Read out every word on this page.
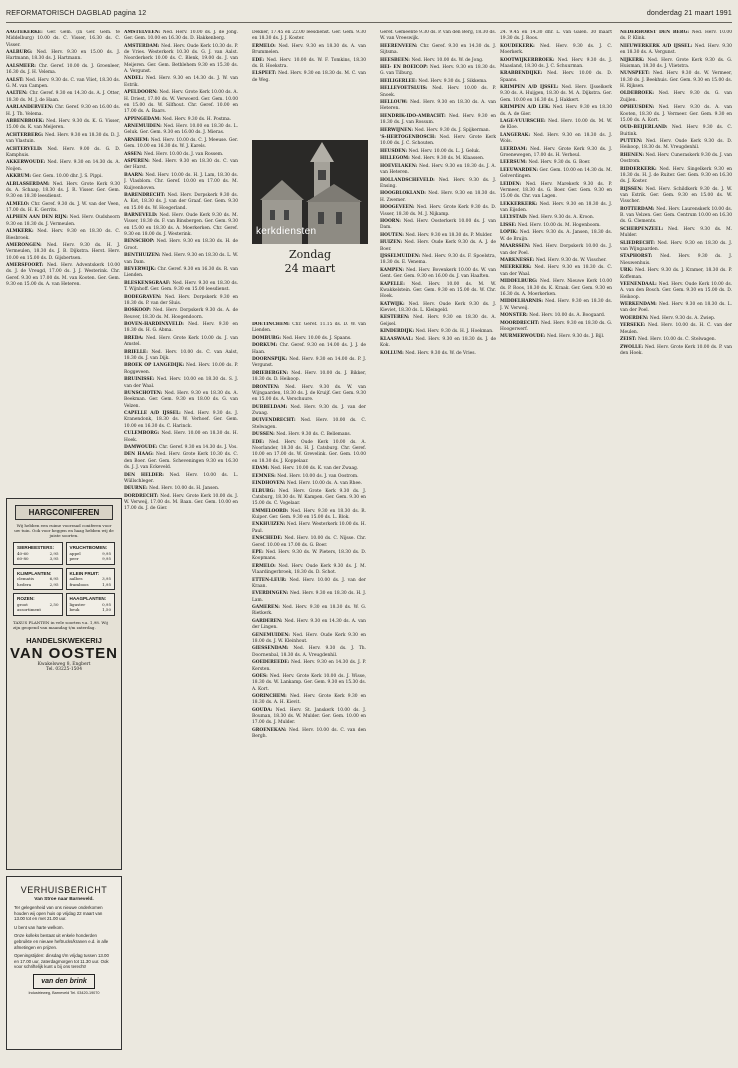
REFORMATORISCH DAGBLAD pagina 12	donderdag 21 maart 1991
AAGTEKERKE: Ger. Gem. (in Ger. Gem. te Middelburg) 10.00 ds. C. Visser, 16.30 ds. C. Visser.
AALBURG: Ned. Herv. 9.30 en 15.00 ds. J. Hartmann, 18.30 ds. J. Hartmann.
AALSMEER: Chr. Geref. 10.00 ds. J. Groenleer, 16.30 ds. J. H. Velema.
AALST: Ned. Herv. 9.30 ds. C. van Vliet, 18.30 ds. G. M. van Campen.
AALTEN: Chr. Geref. 9.30 en 14.30 ds. A. J. Otter, 18.30 ds. M. J. de Haan.
AARLANDERVEEN: Chr. Geref. 9.30 en 16.00 ds. H. J. Th. Velema.
ABBENBROEK: Ned. Herv. 9.30 ds. K. G. Visser, 15.00 ds. K. van Meijeren.
ACHTERBERG: Ned. Herv. 9.30 en 18.30 ds. D. J. van Vlastuin.
ACHTERVELD: Ned. Herv. 9.00 ds. G. D. Kamphuis.
AKKERWOUDE: Ned. Herv. 9.30 en 14.30 ds. A. Noijen.
AKKRUM: Ger. Gem. 10.00 dhr. J. S. Pippi.
ALBLASSERDAM: Ned. Herv. Grote Kerk 9.30 ds. A. Schaap, 18.30 ds. J. R. Visser. Ger. Gem. 9.30 en 18.30 leesdienst.
ALMELO: Chr. Geref. 9.30 ds. J. W. van der Veen, 17.00 ds. H. K. Gerrits.
ALPHEN AAN DEN RIJN: Ned. Herv. Oudshoorn 9.30 en 18.30 ds. J. Vermeulen.
ALMKERK: Ned. Herv. 9.30 en 18.30 ds. C. Biesbroek.
AMERONGEN: Ned. Herv. 9.30 ds. H. J. Vermeulen, 18.30 ds. J. B. Dijkstra. Herst. Herv. 10.00 en 15.00 ds. D. Gijsbertsen.
AMERSFOORT: Ned. Herv. Adventskerk 10.00 ds. J. de Vreugd, 17.00 ds. J. J. Westerink. Chr. Geref. 9.30 en 17.00 ds. M. van Kooten. Ger. Gem. 9.30 en 15.00 ds. A. van Heteren.
AMSTELVEEN: Ned. Herv. 10.00 ds. J. de Jong. Ger. Gem. 10.00 en 16.30 ds. D. Hakkenberg.
AMSTERDAM: Ned. Herv. Oude Kerk 10.30 ds. P. de Vries. Westerkerk 10.30 ds. G. J. van Aalst. Noorderkerk 10.00 ds. C. Blenk, 19.00 ds. J. van Meijeren. Ger. Gem. Bethlehem 9.30 en 15.30 ds. A. Vergunst.
ANDEL: Ned. Herv. 9.30 en 14.30 ds. J. W. van Estrik.
APELDOORN: Ned. Herv. Grote Kerk 10.00 ds. A. H. Driest, 17.00 ds. W. Verwoerd. Ger. Gem. 10.00 en 15.00 ds. W. Silfhout. Chr. Geref. 10.00 en 17.00 ds. A. Baars.
APPINGEDAM: Ned. Herv. 9.30 ds. H. Postma.
ARNEMUIDEN: Ned. Herv. 10.00 en 18.30 ds. L. Geluk. Ger. Gem. 9.30 en 16.00 ds. J. Mieras.
ARNHEM: Ned. Herv. 10.00 ds. C. J. Meeuse. Ger. Gem. 10.00 en 16.30 ds. W. J. Karels.
ASSEN: Ned. Herv. 10.00 ds. J. van Rossem.
ASPEREN: Ned. Herv. 9.30 en 18.30 ds. C. van der Harst.
BAARN: Ned. Herv. 10.00 ds. H. J. Lam, 18.30 ds. J. Vlasblom. Chr. Geref. 10.00 en 17.00 ds. M. Kuijvenhoven.
BARENDRECHT: Ned. Herv. Dorpskerk 9.30 ds. A. Kot, 18.30 ds. J. van der Graaf. Ger. Gem. 9.30 en 15.00 ds. W. Hoogerland.
BARNEVELD: Ned. Herv. Oude Kerk 9.30 ds. M. Visser, 18.30 ds. F. van Binsbergen. Ger. Gem. 9.30 en 15.00 en 18.30 ds. A. Moerkerken. Chr. Geref. 9.30 en 18.00 ds. J. Westerink.
BENSCHOP: Ned. Herv. 9.30 en 18.30 ds. H. de Groot.
BENTHUIZEN: Ned. Herv. 9.30 en 18.30 ds. L. W. van Dam.
BEVERWIJK: Chr. Geref. 9.30 en 16.30 ds. R. van Lienden.
BLESKENSGRAAF: Ned. Herv. 9.30 en 18.30 ds. T. Wijnhoff. Ger. Gem. 9.30 en 15.00 leesdienst.
BODEGRAVEN: Ned. Herv. Dorpskerk 9.30 en 18.30 ds. P. van der Sluis.
BOSKOOP: Ned. Herv. Dorpskerk 9.30 ds. A. de Reuver, 18.30 ds. M. Hoogendoorn.
BOVEN-HARDINXVELD: Ned. Herv. 9.30 en 18.30 ds. H. G. Abma.
BREDA: Ned. Herv. Grote Kerk 10.00 ds. J. van Amstel.
BRIELLE: Ned. Herv. 10.00 ds. C. van Aalst, 18.30 ds. J. van Dijk.
BROEK OP LANGEDIJK: Ned. Herv. 10.00 ds. P. Roggeveen.
BRUINISSE: Ned. Herv. 10.00 en 18.30 ds. S. J. van der Waal.
BUNSCHOTEN: Ned. Herv. 9.30 en 18.30 ds. A. Beekman. Ger. Gem. 9.30 en 18.00 ds. G. van Velzen.
CAPELLE A/D IJSSEL: Ned. Herv. 9.30 ds. J. Kranendonk, 18.30 ds. W. Verhoef. Ger. Gem. 10.00 en 16.30 ds. C. Harinck.
CULEMBORG: Ned. Herv. 10.00 en 18.30 ds. H. Hoek.
DAMWOUDE: Chr. Geref. 9.30 en 14.30 ds. J. Vos.
DEN HAAG: Ned. Herv. Grote Kerk 10.30 ds. C. den Boer. Ger. Gem. Scheveningen 9.30 en 16.30 ds. J. J. van Eckeveld.
DEN HELDER: Ned. Herv. 10.00 ds. L. Wüllschleger.
DEURNE: Ned. Herv. 10.00 ds. H. Jansen.
DORDRECHT: Ned. Herv. Grote Kerk 10.00 ds. J. W. Verweij, 17.00 ds. M. Baan. Ger. Gem. 10.00 en 17.00 ds. J. de Gier.
Dekker, 17.45 en 22.00 leesdienst. Ger. Gem. 9.30 en 18.30 ds. J. J. Koster.
ERMELO: Ned. Herv. 9.30 en 18.30 ds. A. van Brummelen.
EDE: Ned. Herv. 10.00 ds. W. F. Tomkins, 18.30 ds. B. Hoekstra.
ELSPEET: Ned. Herv. 9.30 en 18.30 ds. M. C. van de Weg.
kerkdiensten
Zondag
24 maart
DOETINCHEM: Chr. Geref. 11.15 ds. D. W. van Lienden.
DOMBURG: Ned. Herv. 10.00 ds. J. Spaans.
DORKUM: Chr. Geref. 9.30 en 14.00 ds. J. J. de Haan.
DOORNSPIJK: Ned. Herv. 9.30 en 14.00 ds. P. J. Vergunst.
DRIEBERGEN: Ned. Herv. 10.00 ds. J. Bikker, 18.30 ds. D. Heikoop.
DRONTEN: Ned. Herv. 9.30 ds. W. van Wijngaarden, 18.30 ds. J. de Kruijf. Ger. Gem. 9.30 en 15.00 ds. A. Verschuure.
DUBBELDAM: Ned. Herv. 9.30 ds. J. van der Zwaag.
DUIVENDRECHT: Ned. Herv. 10.00 ds. C. Stelwagen.
DUSSEN: Ned. Herv. 9.30 ds. C. Bellemans.
EDE: Ned. Herv. Oude Kerk 10.00 ds. A. Noorlander, 18.30 ds. H. J. Catsburg. Chr. Geref. 10.00 en 17.00 ds. W. Grevelink. Ger. Gem. 10.00 en 18.30 ds. J. Koppelaar.
EDAM: Ned. Herv. 10.00 ds. K. van der Zwaag.
EEMNES: Ned. Herv. 10.00 ds. J. van Oostrom.
EINDHOVEN: Ned. Herv. 10.00 ds. A. van Rhee.
ELBURG: Ned. Herv. Grote Kerk 9.30 ds. J. Catsburg, 18.30 ds. W. Kampen. Ger. Gem. 9.30 en 15.00 ds. C. Vogelaar.
EMMELOORD: Ned. Herv. 9.30 en 18.30 ds. R. Kuiper. Ger. Gem. 9.30 en 15.00 ds. L. Blok.
ENKHUIZEN: Ned. Herv. Westerkerk 10.00 ds. H. Paul.
ENSCHEDE: Ned. Herv. 10.00 ds. C. Nijsse. Chr. Geref. 10.00 en 17.00 ds. G. Boer.
EPE: Ned. Herv. 9.30 ds. W. Pieters, 18.30 ds. D. Koopmans.
ERMELO: Ned. Herv. Oude Kerk 9.30 ds. J. M. Vlaardingerbroek, 18.30 ds. D. Schot.
ETTEN-LEUR: Ned. Herv. 10.00 ds. J. van der Kraan.
EVERDINGEN: Ned. Herv. 9.30 en 18.30 ds. H. J. Lam.
GAMEREN: Ned. Herv. 9.30 en 18.30 ds. W. G. Rietkerk.
GARDEREN: Ned. Herv. 9.30 en 14.30 ds. A. van der Lingen.
GENEMUIDEN: Ned. Herv. Oude Kerk 9.30 en 18.00 ds. J. W. Kleinhout.
GIESSENDAM: Ned. Herv. 9.30 ds. J. Th. Doornenbal, 18.30 ds. A. Vreugdenhil.
GOEDEREEDE: Ned. Herv. 9.30 en 14.30 ds. J. P. Kersten.
GOES: Ned. Herv. Grote Kerk 10.00 ds. J. Wisse, 18.30 ds. W. Lankamp. Ger. Gem. 9.30 en 15.30 ds. A. Kort.
GORINCHEM: Ned. Herv. Grote Kerk 9.30 en 18.30 ds. A. H. Kievit.
GOUDA: Ned. Herv. St. Janskerk 10.00 ds. J. Bouman, 18.30 ds. W. Mulder. Ger. Gem. 10.00 en 17.00 ds. J. Mulder.
GROENEKAN: Ned. Herv. 10.00 ds. C. van den Bergh.
Geref. Gemeente 9.30 ds. P. van den Berg, 18.30 ds. W. van Vreeswijk.
HEERENVEEN: Chr. Geref. 9.30 en 14.30 ds. J. Sijtsma.
HEESBEEN: Ned. Herv. 10.00 ds. W. de Jong.
HEI- EN BOEICOP: Ned. Herv. 9.30 en 18.30 ds. G. van Tilburg.
HEILIGERLEE: Ned. Herv. 9.30 ds. J. Sikkema.
HELLEVOETSLUIS: Ned. Herv. 10.00 ds. P. Snoek.
HELLOUW: Ned. Herv. 9.30 en 18.30 ds. A. van Heteren.
HENDRIK-IDO-AMBACHT: Ned. Herv. 9.30 en 18.30 ds. J. van Rossum.
HERWIJNEN: Ned. Herv. 9.30 ds. J. Spijkerman.
'S-HERTOGENBOSCH: Ned. Herv. Grote Kerk 10.00 ds. J. C. Schouten.
HEUSDEN: Ned. Herv. 10.00 ds. L. J. Geluk.
HILLEGOM: Ned. Herv. 9.30 ds. M. Klaassen.
HOEVELAKEN: Ned. Herv. 9.30 en 18.30 ds. J. A. van Heteren.
HOLLANDSCHEVELD: Ned. Herv. 9.30 ds. J. Ensing.
HOOGBLOKLAND: Ned. Herv. 9.30 en 18.30 ds. H. Zwemer.
HOOGEVEEN: Ned. Herv. Grote Kerk 9.30 ds. D. Visser, 18.30 ds. M. J. Nijkamp.
HOORN: Ned. Herv. Oosterkerk 10.00 ds. J. van Dam.
HOUTEN: Ned. Herv. 9.30 en 18.30 ds. P. Mulder.
HUIZEN: Ned. Herv. Oude Kerk 9.30 ds. A. J. de Boer.
IJSSELMUIDEN: Ned. Herv. 9.30 ds. F. Spoelstra, 18.30 ds. E. Venema.
KAMPEN: Ned. Herv. Bovenkerk 10.00 ds. W. van Gent. Ger. Gem. 9.30 en 16.00 ds. J. van Haaften.
KAPELLE: Ned. Herv. 10.00 ds. M. W. Kwakkelstein. Ger. Gem. 9.30 en 15.00 ds. W. Chr. Hoek.
KATWIJK: Ned. Herv. Oude Kerk 9.30 ds. J. Kieviet, 18.30 ds. L. Kleingeld.
KESTEREN: Ned. Herv. 9.30 en 18.30 ds. A. Geijsel.
KINDERDIJK: Ned. Herv. 9.30 ds. H. J. Hoekman.
KLAASWAAL: Ned. Herv. 9.30 en 18.30 ds. J. de Kok.
KOLLUM: Ned. Herv. 9.30 ds. W. de Vries.
24. 9.45 en 14.30 dhr. L. van Galen. 30 maart 19.30 ds. J. Roos.
KOUDEKERK: Ned. Herv. 9.30 ds. J. C. Moerkerk.
KOOTWIJKERBROEK: Ned. Herv. 9.30 ds. J. Maasland, 18.30 ds. J. C. Schuurman.
KRABBENDIJKE: Ned. Herv. 10.00 ds. D. Spaans.
KRIMPEN A/D IJSSEL: Ned. Herv. IJsselkerk 9.30 ds. A. Huijgen, 18.30 ds. M. A. Dijkstra. Ger. Gem. 10.00 en 16.30 ds. J. Hakkert.
KRIMPEN A/D LEK: Ned. Herv. 9.30 en 18.30 ds. A. de Gier.
LAGE-VUURSCHE: Ned. Herv. 10.00 ds. M. W. de Kloe.
LANGERAK: Ned. Herv. 9.30 en 18.30 ds. J. Wols.
LEERDAM: Ned. Herv. Grote Kerk 9.30 ds. J. Groenewegen, 17.00 ds. H. Verheul.
LEERSUM: Ned. Herv. 9.30 ds. G. Boer.
LEEUWARDEN: Ger. Gem. 10.00 en 14.30 ds. M. Golverdingen.
LEIDEN: Ned. Herv. Marekerk 9.30 ds. P. Vermeer, 18.30 ds. G. Boer. Ger. Gem. 9.30 en 15.00 ds. Chr. van Lagen.
LEKKERKERK: Ned. Herv. 9.30 en 18.30 ds. J. van Eijsden.
LELYSTAD: Ned. Herv. 9.30 ds. A. Kroon.
LISSE: Ned. Herv. 10.00 ds. M. Hogenboom.
LOPIK: Ned. Herv. 9.30 ds. A. Jansen, 18.30 ds. W. de Bruijn.
MAARSSEN: Ned. Herv. Dorpskerk 10.00 ds. J. van der Poel.
MARKNESSE: Ned. Herv. 9.30 ds. W. Visscher.
MEERKERK: Ned. Herv. 9.30 en 18.30 ds. C. van der Waal.
MIDDELBURG: Ned. Herv. Nieuwe Kerk 10.00 ds. P. Roos, 18.30 ds. K. Kraak. Ger. Gem. 9.30 en 16.30 ds. A. Moerkerken.
MIDDELHARNIS: Ned. Herv. 9.30 en 18.30 ds. J. W. Verweij.
MONSTER: Ned. Herv. 10.00 ds. A. Boogaard.
MOORDRECHT: Ned. Herv. 9.30 en 18.30 ds. G. Hoogerwerf.
MURMERWOUDE: Ned. Herv. 9.30 ds. J. Bijl.
NEDERHORST DEN BERG: Ned. Herv. 10.00 ds. P. Klink.
NIEUWERKERK A/D IJSSEL: Ned. Herv. 9.30 en 18.30 ds. A. Vergunst.
NIJKERK: Ned. Herv. Grote Kerk 9.30 ds. G. Huisman, 18.30 ds. J. Vlietstra.
NUNSPEET: Ned. Herv. 9.30 ds. W. Vermeer, 18.30 ds. J. Beekhuis. Ger. Gem. 9.30 en 15.00 ds. H. Rijksen.
OLDEBROEK: Ned. Herv. 9.30 ds. G. van Zuijlen.
OPHEUSDEN: Ned. Herv. 9.30 ds. A. van Kooten, 18.30 ds. J. Vermeer. Ger. Gem. 9.30 en 15.00 ds. A. Kort.
OUD-BEIJERLAND: Ned. Herv. 9.30 ds. C. Buitink.
PUTTEN: Ned. Herv. Oude Kerk 9.30 ds. D. Heikoop, 18.30 ds. M. Vreugdenhil.
RHENEN: Ned. Herv. Cuneraskerk 9.30 ds. J. van Oostrom.
RIDDERKERK: Ned. Herv. Singelkerk 9.30 en 18.30 ds. H. J. de Ruiter. Ger. Gem. 9.30 en 16.30 ds. J. Koster.
RIJSSEN: Ned. Herv. Schildkerk 9.30 ds. J. W. van Estrik. Ger. Gem. 9.30 en 15.00 ds. W. Visscher.
ROTTERDAM: Ned. Herv. Laurenskerk 10.00 ds. B. van Velzen. Ger. Gem. Centrum 10.00 en 16.30 ds. G. Clements.
SCHERPENZEEL: Ned. Herv. 9.30 ds. M. Mulder.
SLIEDRECHT: Ned. Herv. 9.30 en 18.30 ds. J. van Wijngaarden.
STAPHORST: Ned. Herv. 9.30 ds. J. Nieuwenhuis.
URK: Ned. Herv. 9.30 ds. J. Kramer, 18.30 ds. P. Koffeman.
VEENENDAAL: Ned. Herv. Oude Kerk 10.00 ds. A. van den Bosch. Ger. Gem. 9.30 en 15.00 ds. D. Heikoop.
WERKENDAM: Ned. Herv. 9.30 en 18.30 ds. L. van der Poel.
WOERDEN: Ned. Herv. 9.30 ds. A. Zwiep.
YERSEKE: Ned. Herv. 10.00 ds. H. C. van der Meulen.
ZEIST: Ned. Herv. 10.00 ds. C. Stelwagen.
ZWOLLE: Ned. Herv. Grote Kerk 10.00 ds. P. van den Hoek.
HARGCONIFEREN
Wij hebben een ruime voorraad coniferen voor uw tuin. Ook voor heggen en haag hebben wij de juiste soorten.
SIERHEESTERS:
40-60	2,95
60-80	3,95
VRUCHTBOMEN:
appel	9,95
peer	9,95
KLIMPLANTEN:
clematis	6,95
hedera	2,95
KLEIN FRUIT:
aalbes	3,95
framboos	1,95
ROZEN:
groot assortiment
2,50
HAAGPLANTEN:
liguster	0,95
beuk	1,50
TAXUS PLANTEN in vele soorten v.a. 1,98. Wij zijn geopend van maandag t/m zaterdag.
HANDELSKWEKERIJ
VAN OOSTEN
Kwakelsweg 8, Engbert
Tel. 03225-1504
VERHUISBERICHT
Van Stroe naar Barneveld.

Ter gelegenheid van ons nieuwe onderkomen houden wij open huis op vrijdag 22 maart van 13.00 tot en met 21.00 uur.

U bent van harte welkom.

Onze kolleks bestaat uit enkele honderden gebruikte en nieuwe heftrucks/kranen e.d. in alle afmetingen en prijzen.

Openingstijden: dinsdag t/m vrijdag tussen 13.00 en 17.00 uur, zaterdagmorgen tot 11.30 uur. Ook voor schriftelijk kunt u bij ons terecht!

van den brink
Industrieweg, Barneveld Tel. 03420-19070
